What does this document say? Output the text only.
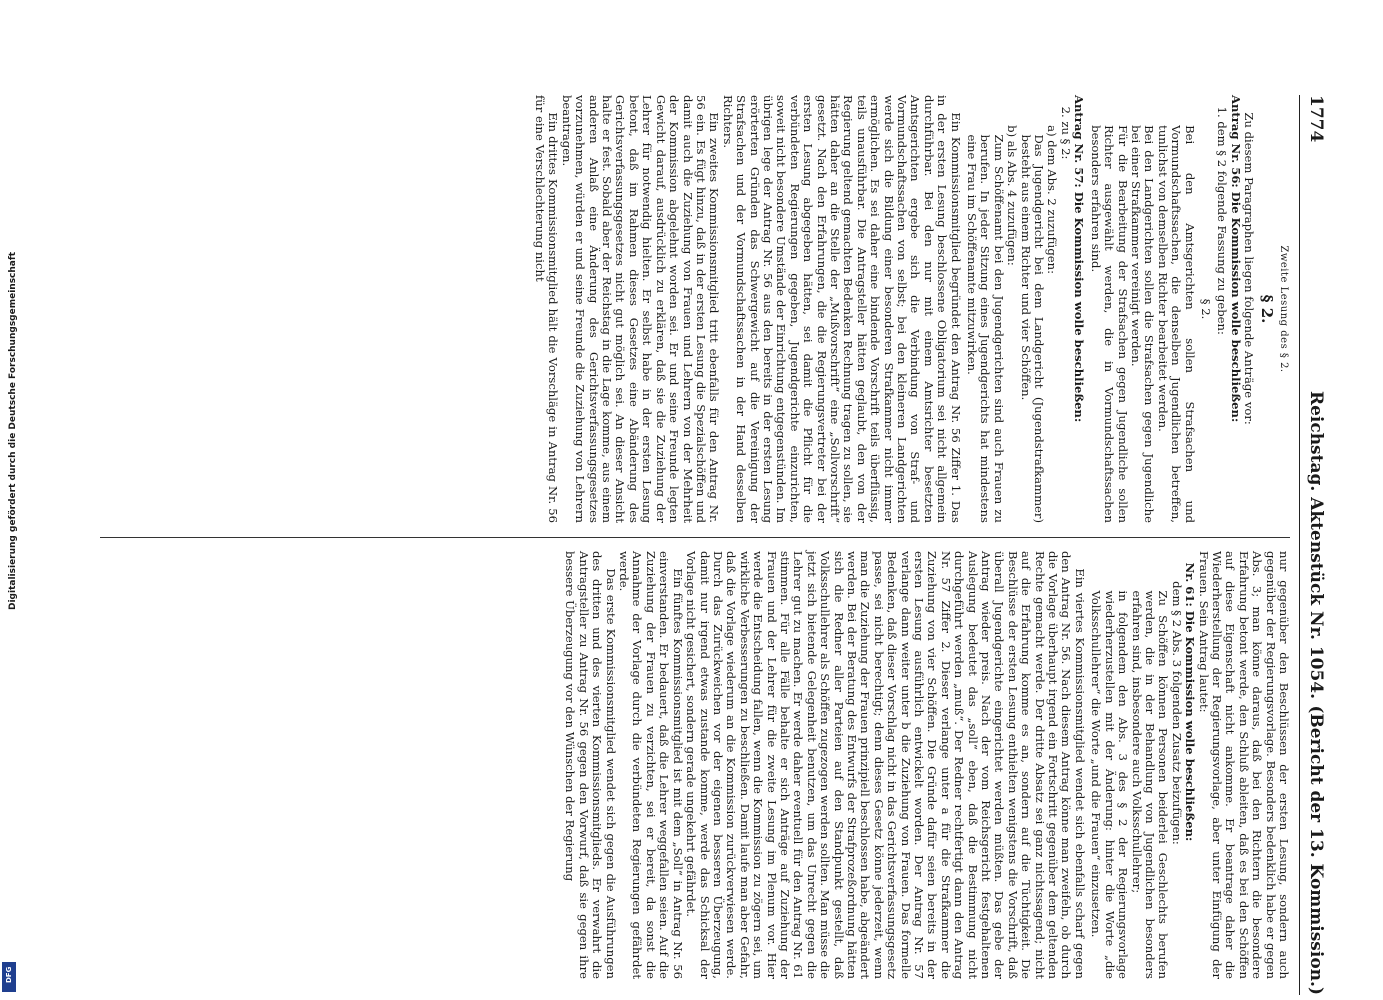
1774
Reichstag. Aktenstück Nr. 1054.
(Bericht der 13. Kommission.)

Zweite Lesung des § 2.

§ 2.

Zu diesem Paragraphen liegen folgende Anträge vor:

Antrag Nr. 56: Die Kommission wolle beschließen:

1. dem § 2 folgende Fassung zu geben:

§ 2.

Bei den Amtsgerichten sollen Strafsachen und Vormundschaftssachen, die denselben Jugendlichen betreffen, tunlichst von demselben Richter bearbeitet werden.

Bei den Landgerichten sollen die Strafsachen gegen Jugendliche bei einer Strafkammer vereinigt werden.

Für die Bearbeitung der Strafsachen gegen Jugendliche sollen Richter ausgewählt werden, die in Vormundschaftssachen besonders erfahren sind.

Antrag Nr. 57: Die Kommission wolle beschließen:

2. zu § 2:

a) dem Abs. 2 zuzufügen:

Das Jugendgericht bei dem Landgericht (Jugendstrafkammer) besteht aus einem Richter und vier Schöffen.

b) als Abs. 4 zuzufügen:

Zum Schöffenamt bei den Jugendgerichten sind auch Frauen zu berufen. In jeder Sitzung eines Jugendgerichts hat mindestens eine Frau im Schöffenamte mitzuwirken.

Ein Kommissionsmitglied begründet den Antrag Nr. 56 Ziffer 1. Das in der ersten Lesung beschlossene Obligatorium sei nicht allgemein durchführbar. Bei den nur mit einem Amtsrichter besetzten Amtsgerichten ergebe sich die Verbindung von Straf- und Vormundschaftssachen von selbst; bei den kleineren Landgerichten werde sich die Bildung einer besonderen Strafkammer nicht immer ermöglichen. Es sei daher eine bindende Vorschrift teils überflüssig, teils unausführbar. Die Antragsteller hätten geglaubt, den von der Regierung geltend gemachten Bedenken Rechnung tragen zu sollen, sie hätten daher an die Stelle der „Mußvorschrift“ eine „Sollvorschrift“ gesetzt. Nach den Erfahrungen, die die Regierungsvertreter bei der ersten Lesung abgegeben hätten, sei damit die Pflicht für die verbündeten Regierungen gegeben, Jugendgerichte einzurichten, soweit nicht besondere Umstände der Einrichtung entgegenstünden. Im übrigen lege der Antrag Nr. 56 aus den bereits in der ersten Lesung erörterten Gründen das Schwergewicht auf die Vereinigung der Strafsachen und der Vormundschaftssachen in der Hand desselben Richters.

Ein zweites Kommissionsmitglied tritt ebenfalls für den Antrag Nr. 56 ein. Es fügt hinzu, daß in der ersten Lesung die Spezialschöffen und damit auch die Zuziehung von Frauen und Lehrern von der Mehrheit der Kommission abgelehnt worden sei. Er und seine Freunde legten Gewicht darauf, ausdrücklich zu erklären, daß sie die Zuziehung der Lehrer für notwendig hielten. Er selbst habe in der ersten Lesung betont, daß im Rahmen dieses Gesetzes eine Abänderung des Gerichtsverfassungsgesetzes nicht gut möglich sei. An dieser Ansicht halte er fest. Sobald aber der Reichstag in die Lage komme, aus einem anderen Anlaß eine Änderung des Gerichtsverfassungsgesetzes vorzunehmen, würden er und seine Freunde die Zuziehung von Lehrern beantragen.

Ein drittes Kommissionsmitglied hält die Vorschläge in Antrag Nr. 56 für eine Verschlechterung nicht

nur gegenüber den Beschlüssen der ersten Lesung, sondern auch gegenüber der Regierungsvorlage. Besonders bedenklich habe er gegen Abs. 3; man könne daraus, daß bei den Richtern die besondere Erfahrung betont werde, den Schluß ableiten, daß es bei den Schöffen auf diese Eigenschaft nicht ankomme. Er beantrage daher die Wiederherstellung der Regierungsvorlage, aber unter Einfügung der Frauen. Sein Antrag lautet:

Nr. 61: Die Kommission wolle beschließen:

dem § 2 Abs. 3 folgenden Zusatz beizufügen:

Zu Schöffen können Personen beiderlei Geschlechts berufen werden, die in der Behandlung von Jugendlichen besonders erfahren sind, insbesondere auch Volksschullehrer;

in folgendem den Abs. 3 des § 2 der Regierungsvorlage wiederherzustellen mit der Änderung: hinter die Worte „die Volksschullehrer“ die Worte „und die Frauen“ einzusetzen.

Ein viertes Kommissionsmitglied wendet sich ebenfalls scharf gegen den Antrag Nr. 56. Nach diesem Antrag könne man zweifeln, ob durch die Vorlage überhaupt irgend ein Fortschritt gegenüber dem geltenden Rechte gemacht werde. Der dritte Absatz sei ganz nichtssagend; nicht auf die Erfahrung komme es an, sondern auf die Tüchtigkeit. Die Beschlüsse der ersten Lesung enthielten wenigstens die Vorschrift, daß überall Jugendgerichte eingerichtet werden müßten. Das gebe der Antrag wieder preis. Nach der vom Reichsgericht festgehaltenen Auslegung bedeutet das „soll“ eben, daß die Bestimmung nicht durchgeführt werden „muß“. Der Redner rechtfertigt dann den Antrag Nr. 57 Ziffer 2. Dieser verlange unter a für die Strafkammer die Zuziehung von vier Schöffen. Die Gründe dafür seien bereits in der ersten Lesung ausführlich entwickelt worden. Der Antrag Nr. 57 verlange dann weiter unter b die Zuziehung von Frauen. Das formelle Bedenken, daß dieser Vorschlag nicht in das Gerichtsverfassungsgesetz passe, sei nicht berechtigt; denn dieses Gesetz könne jederzeit, wenn man die Zuziehung der Frauen prinzipiell beschlossen habe, abgeändert werden. Bei der Beratung des Entwurfs der Strafprozeßordnung hätten sich die Redner aller Parteien auf den Standpunkt gestellt, daß Volksschullehrer als Schöffen zugezogen werden sollten. Man müsse die jetzt sich bietende Gelegenheit benutzen, um das Unrecht gegen die Lehrer gut zu machen. Er werde daher eventuell für den Antrag Nr. 61 stimmen. Für alle Fälle behalte er sich Anträge auf Zuziehung der Frauen und der Lehrer für die zweite Lesung im Plenum vor. Hier werde die Entscheidung fallen, wenn die Kommission zu zögern sei, um wirkliche Verbesserungen zu beschließen. Damit laufe man aber Gefahr, daß die Vorlage wiederum an die Kommission zurückverwiesen werde. Durch das Zurückweichen vor der eigenen besseren Überzeugung, damit nur irgend etwas zustande komme, werde das Schicksal der Vorlage nicht gesichert, sondern gerade ungekehrt gefährdet.

Ein fünftes Kommissionsmitglied ist mit dem „Soll“ in Antrag Nr. 56 einverstanden. Er bedauert, daß die Lehrer weggefallen seien. Auf die Zuziehung der Frauen zu verzichten, sei er bereit, da sonst die Annahme der Vorlage durch die verbündeten Regierungen gefährdet werde.

Das erste Kommissionsmitglied wendet sich gegen die Ausführungen des dritten und des vierten Kommissionsmitglieds. Er verwahrt die Antragsteller zu Antrag Nr. 56 gegen den Vorwurf, daß sie gegen ihre bessere Überzeugung vor den Wünschen der Regierung

Digitalisierung gefördert durch die Deutsche Forschungsgemeinschaft
DFG
